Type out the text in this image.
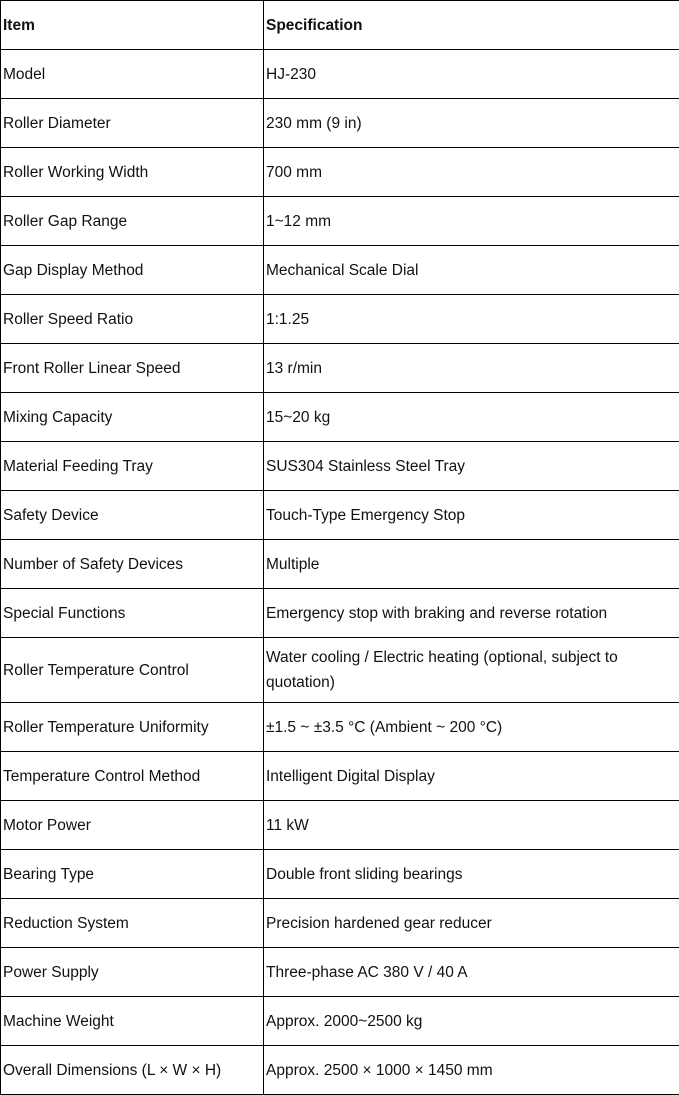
Item	Specification
Model	HJ-230
Roller Diameter	230 mm (9 in)
Roller Working Width	700 mm
Roller Gap Range	1~12 mm
Gap Display Method	Mechanical Scale Dial
Roller Speed Ratio	1:1.25
Front Roller Linear Speed	13 r/min
Mixing Capacity	15~20 kg
Material Feeding Tray	SUS304 Stainless Steel Tray
Safety Device	Touch-Type Emergency Stop
Number of Safety Devices	Multiple
Special Functions	Emergency stop with braking and reverse rotation
Roller Temperature Control	Water cooling / Electric heating (optional, subject to quotation)
Roller Temperature Uniformity	±1.5 ~ ±3.5 °C (Ambient ~ 200 °C)
Temperature Control Method	Intelligent Digital Display
Motor Power	11 kW
Bearing Type	Double front sliding bearings
Reduction System	Precision hardened gear reducer
Power Supply	Three-phase AC 380 V / 40 A
Machine Weight	Approx. 2000~2500 kg
Overall Dimensions (L × W × H)	Approx. 2500 × 1000 × 1450 mm
